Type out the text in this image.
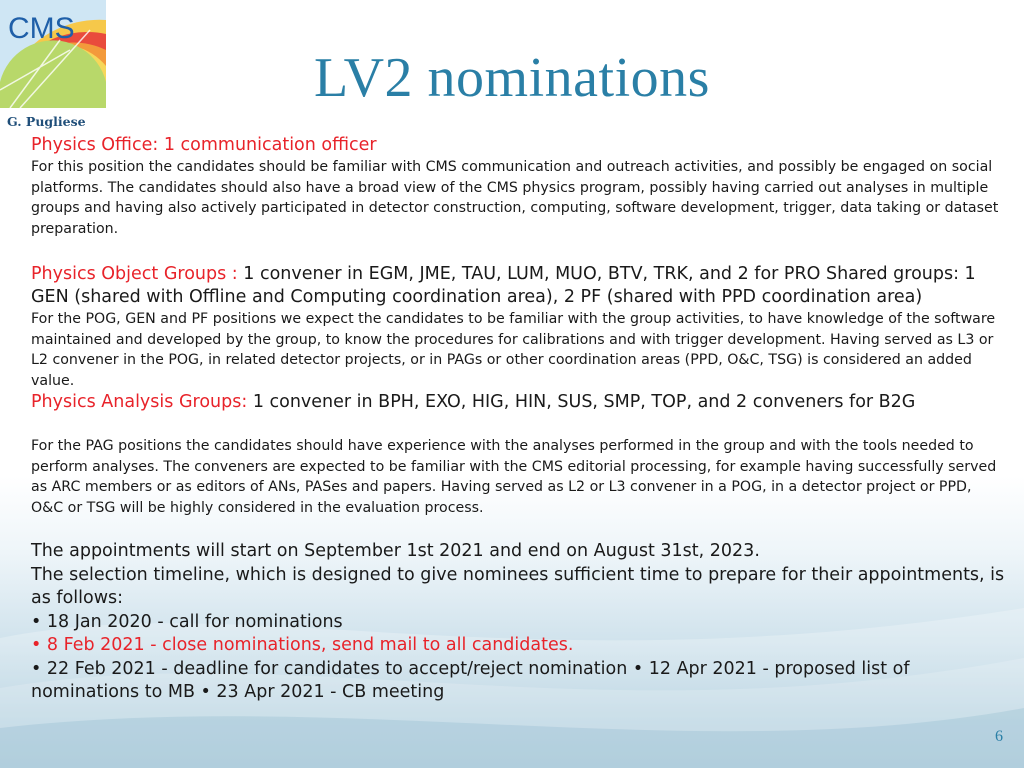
CMS
G. Pugliese
LV2 nominations

Physics Office: 1 communication officer

For this position the candidates should be familiar with CMS communication and outreach activities, and possibly be engaged on social platforms. The candidates should also have a broad view of the CMS physics program, possibly having carried out analyses in multiple groups and having also actively participated in detector construction, computing, software development, trigger, data taking or dataset preparation.

Physics Object Groups : 1 convener in EGM, JME, TAU, LUM, MUO, BTV, TRK, and 2 for PRO Shared groups: 1 GEN (shared with Offline and Computing coordination area), 2 PF (shared with PPD coordination area)

For the POG, GEN and PF positions we expect the candidates to be familiar with the group activities, to have knowledge of the software maintained and developed by the group, to know the procedures for calibrations and with trigger development. Having served as L3 or L2 convener in the POG, in related detector projects, or in PAGs or other coordination areas (PPD, O&C, TSG) is considered an added value.

Physics Analysis Groups: 1 convener in BPH, EXO, HIG, HIN, SUS, SMP, TOP, and 2 conveners for B2G

For the PAG positions the candidates should have experience with the analyses performed in the group and with the tools needed to perform analyses. The conveners are expected to be familiar with the CMS editorial processing, for example having successfully served as ARC members or as editors of ANs, PASes and papers. Having served as L2 or L3 convener in a POG, in a detector project or PPD, O&C or TSG will be highly considered in the evaluation process.

The appointments will start on September 1st 2021 and end on August 31st, 2023.

The selection timeline, which is designed to give nominees sufficient time to prepare for their appointments, is as follows:

• 18 Jan 2020 - call for nominations

• 8 Feb 2021 - close nominations, send mail to all candidates.

• 22 Feb 2021 - deadline for candidates to accept/reject nomination • 12 Apr 2021 - proposed list of nominations to MB • 23 Apr 2021 - CB meeting

6
